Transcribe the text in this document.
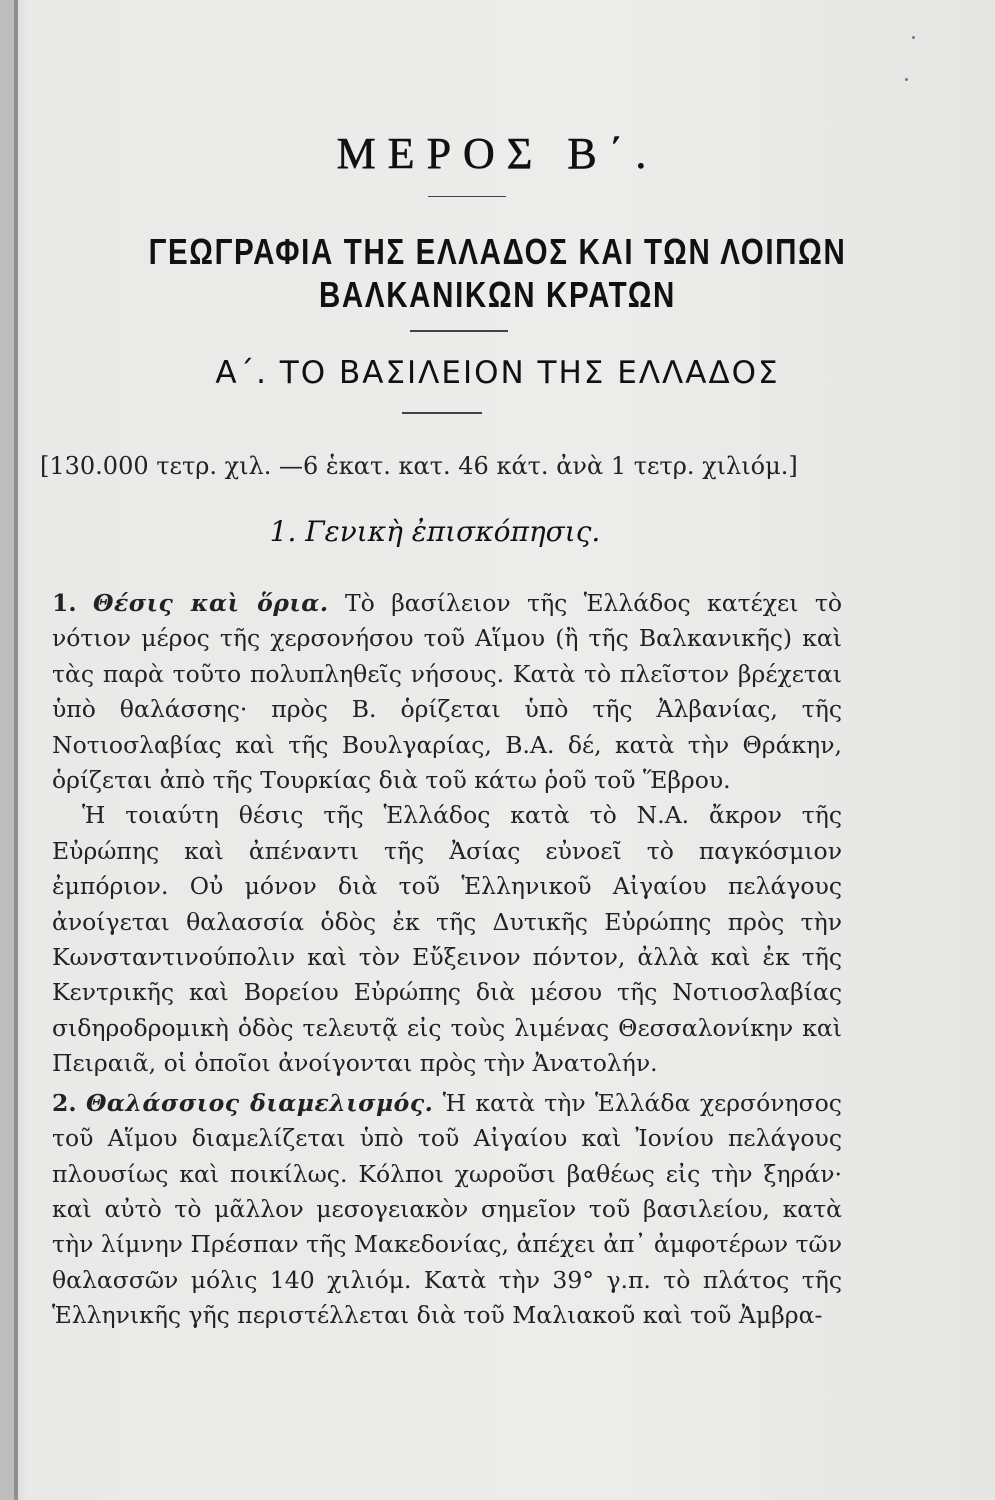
ΜΕΡΟΣ Β΄.
ΓΕΩΓΡΑΦΙΑ ΤΗΣ ΕΛΛΑΔΟΣ ΚΑΙ ΤΩΝ ΛΟΙΠΩΝ
ΒΑΛΚΑΝΙΚΩΝ ΚΡΑΤΩΝ
Α΄. ΤΟ ΒΑΣΙΛΕΙΟΝ ΤΗΣ ΕΛΛΑΔΟΣ
[130.000 τετρ. χιλ. —6 ἑκατ. κατ. 46 κάτ. ἀνὰ 1 τετρ. χιλιόμ.]
1. Γενικὴ ἐπισκόπησις.

1. Θέσις καὶ ὅρια. Τὸ βασίλειον τῆς Ἑλλάδος κατέχει τὸ νότιον μέρος τῆς χερσονήσου τοῦ Αἵμου (ἢ τῆς Βαλκανικῆς) καὶ τὰς παρὰ τοῦτο πολυπληθεῖς νήσους. Κατὰ τὸ πλεῖστον βρέχεται ὑπὸ θαλάσσης· πρὸς Β. ὁρίζεται ὑπὸ τῆς Ἀλβανίας, τῆς Νοτιοσλαβίας καὶ τῆς Βουλγαρίας, Β.Α. δέ, κατὰ τὴν Θράκην, ὁρίζεται ἀπὸ τῆς Τουρκίας διὰ τοῦ κάτω ῥοῦ τοῦ Ἕβρου.

Ἡ τοιαύτη θέσις τῆς Ἑλλάδος κατὰ τὸ Ν.Α. ἄκρον τῆς Εὐρώπης καὶ ἀπέναντι τῆς Ἀσίας εὐνοεῖ τὸ παγκόσμιον ἐμπόριον. Οὐ μόνον διὰ τοῦ Ἑλληνικοῦ Αἰγαίου πελάγους ἀνοίγεται θαλασσία ὁδὸς ἐκ τῆς Δυτικῆς Εὐρώπης πρὸς τὴν Κωνσταντινούπολιν καὶ τὸν Εὔξεινον πόντον, ἀλλὰ καὶ ἐκ τῆς Κεντρικῆς καὶ Βορείου Εὐρώπης διὰ μέσου τῆς Νοτιοσλαβίας σιδηροδρομικὴ ὁδὸς τελευτᾷ εἰς τοὺς λιμένας Θεσσαλονίκην καὶ Πειραιᾶ, οἱ ὁποῖοι ἀνοίγονται πρὸς τὴν Ἀνατολήν.

2. Θαλάσσιος διαμελισμός. Ἡ κατὰ τὴν Ἑλλάδα χερσόνησος τοῦ Αἵμου διαμελίζεται ὑπὸ τοῦ Αἰγαίου καὶ Ἰονίου πελάγους πλουσίως καὶ ποικίλως. Κόλποι χωροῦσι βαθέως εἰς τὴν ξηράν· καὶ αὐτὸ τὸ μᾶλλον μεσογειακὸν σημεῖον τοῦ βασιλείου, κατὰ τὴν λίμνην Πρέσπαν τῆς Μακεδονίας, ἀπέχει ἀπ᾽ ἀμφοτέρων τῶν θαλασσῶν μόλις 140 χιλιόμ. Κατὰ τὴν 39° γ.π. τὸ πλάτος τῆς Ἑλληνικῆς γῆς περιστέλλεται διὰ τοῦ Μαλιακοῦ καὶ τοῦ Ἀμβρα-
